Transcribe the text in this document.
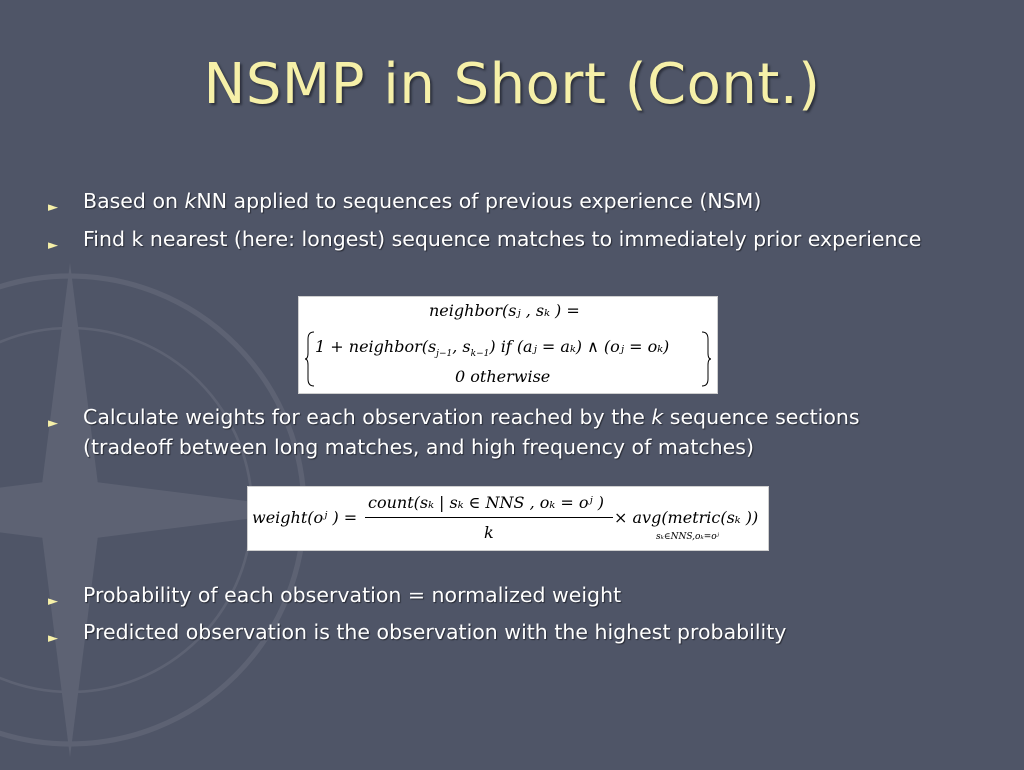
NSMP in Short (Cont.)
► Based on kNN applied to sequences of previous experience (NSM)
► Find k nearest (here: longest) sequence matches to immediately prior experience
neighbor(sⱼ , sₖ ) =
$1 + neighbor(s_{j-1}$, $s_{k-1}$) if (aⱼ = aₖ) ∧ (oⱼ = oₖ)
0 otherwise
► Calculate weights for each observation reached by the k sequence sections (tradeoff between long matches, and high frequency of matches)
weight(oʲ ) =
count(sₖ | sₖ ∈ NNS , oₖ = oʲ )
k
× avg(metric(sₖ ))
sₖ∈NNS,oₖ=oʲ
► Probability of each observation = normalized weight
► Predicted observation is the observation with the highest probability
